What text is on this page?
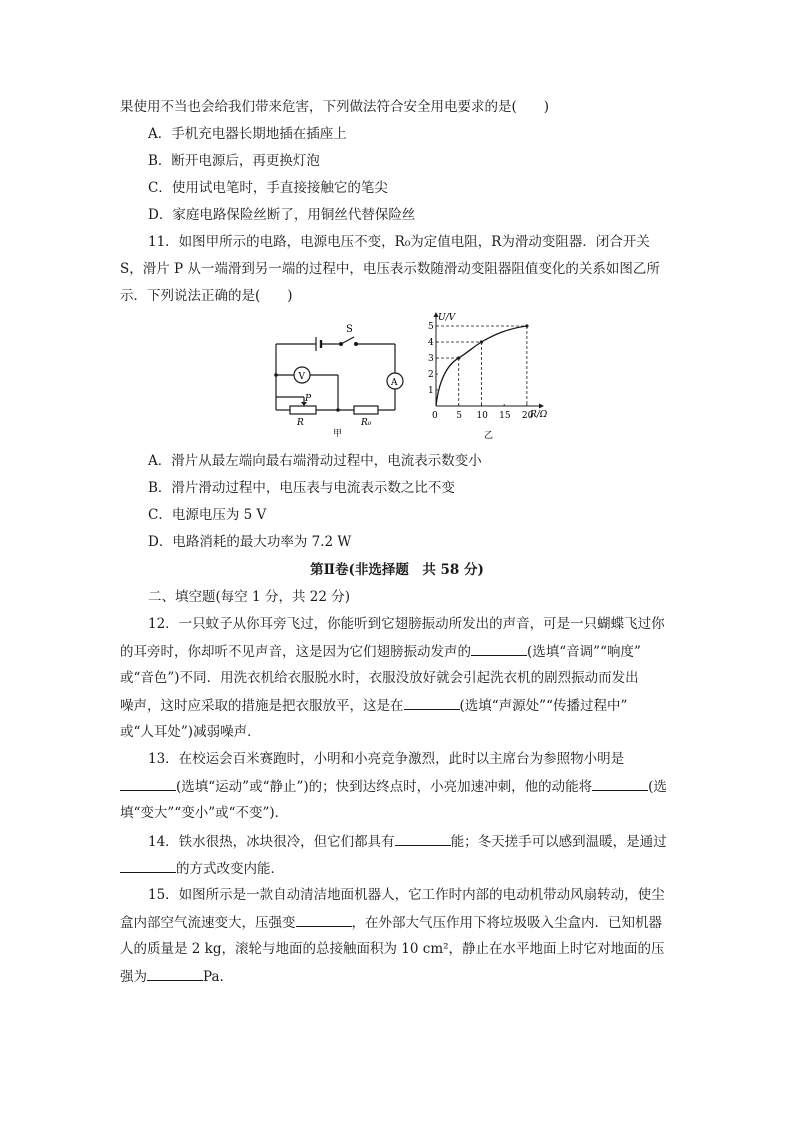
果使用不当也会给我们带来危害，下列做法符合安全用电要求的是(　　)
A．手机充电器长期地插在插座上
B．断开电源后，再更换灯泡
C．使用试电笔时，手直接接触它的笔尖
D．家庭电路保险丝断了，用铜丝代替保险丝
11．如图甲所示的电路，电源电压不变，R₀为定值电阻，R为滑动变阻器．闭合开关
S，滑片 P 从一端滑到另一端的过程中，电压表示数随滑动变阻器阻值变化的关系如图乙所
示．下列说法正确的是(　　)
S
V
A
P
R	R₀
甲
1
2
3
4
5
5 10 15 20
U/V
R/Ω
0
乙
A．滑片从最左端向最右端滑动过程中，电流表示数变小
B．滑片滑动过程中，电压表与电流表示数之比不变
C．电源电压为 5 V
D．电路消耗的最大功率为 7.2 W
第Ⅱ卷(非选择题　共 58 分)
二、填空题(每空 1 分，共 22 分)
12．一只蚊子从你耳旁飞过，你能听到它翅膀振动所发出的声音，可是一只蝴蝶飞过你
的耳旁时，你却听不见声音，这是因为它们翅膀振动发声的	(选填“音调”“响度”
或“音色”)不同．用洗衣机给衣服脱水时，衣服没放好就会引起洗衣机的剧烈振动而发出
噪声，这时应采取的措施是把衣服放平，这是在	(选填“声源处”“传播过程中”
或“人耳处”)减弱噪声．
13．在校运会百米赛跑时，小明和小亮竞争激烈，此时以主席台为参照物小明是
(选填“运动”或“静止”)的；快到达终点时，小亮加速冲刺，他的动能将	(选
填“变大”“变小”或“不变”)．
14．铁水很热，冰块很冷，但它们都具有	能；冬天搓手可以感到温暖，是通过
的方式改变内能．
15．如图所示是一款自动清洁地面机器人，它工作时内部的电动机带动风扇转动，使尘
盒内部空气流速变大，压强变	，在外部大气压作用下将垃圾吸入尘盒内．已知机器
人的质量是 2 kg，滚轮与地面的总接触面积为 10 cm²，静止在水平地面上时它对地面的压
强为	Pa.
